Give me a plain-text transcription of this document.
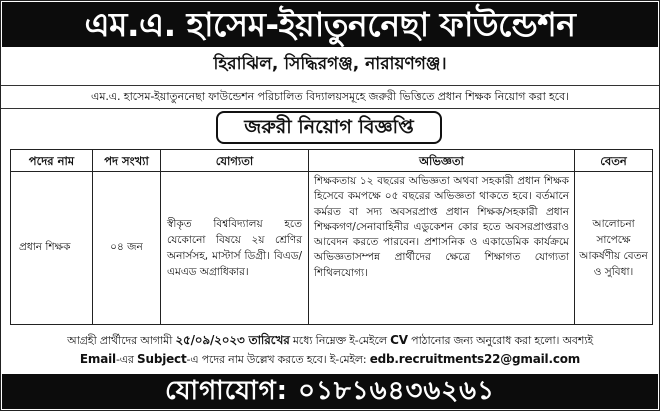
এম.এ. হাসেম-ইয়াতুননেছা ফাউন্ডেশন
হিরাঝিল, সিদ্ধিরগঞ্জ, নারায়ণগঞ্জ।
এম.এ. হাসেম-ইয়াতুননেছা ফাউন্ডেশন পরিচালিত বিদ্যালয়সমূহে জরুরী ভিত্তিতে প্রধান শিক্ষক নিয়োগ করা হবে।
জরুরী নিয়োগ বিজ্ঞপ্তি
পদের নাম	পদ সংখ্যা	যোগ্যতা	অভিজ্ঞতা	বেতন
প্রধান শিক্ষক	০৪ জন	স্বীকৃত বিশ্ববিদ্যালয় হতে যেকোনো বিষয়ে ২য় শ্রেণির অনার্সসহ, মাস্টার্স ডিগ্রী। বিএড/এমএড অগ্রাধিকার।	শিক্ষকতায় ১২ বছরের অভিজ্ঞতা অথবা সহকারী প্রধান শিক্ষক হিসেবে কমপক্ষে ০৫ বছরের অভিজ্ঞতা থাকতে হবে। বর্তমানে কর্মরত বা সদ্য অবসরপ্রাপ্ত প্রধান শিক্ষক/সহকারী প্রধান শিক্ষকগণ/সেনাবাহিনীর এডুকেশন কোর হতে অবসরপ্রাপ্তরাও আবেদন করতে পারবেন। প্রশাসনিক ও একাডেমিক কার্যক্রমে অভিজ্ঞতাসম্পন্ন প্রার্থীদের ক্ষেত্রে শিক্ষাগত যোগ্যতা শিথিলযোগ্য।	আলোচনা সাপেক্ষে আকর্ষণীয় বেতন ও সুবিধা।
আগ্রহী প্রার্থীদের আগামী ২৫/০৯/২০২৩ তারিখের মধ্যে নিম্নেক্ত ই-মেইলে CV পাঠানোর জন্য অনুরোধ করা হলো। অবশ্যই
Email-এর Subject-এ পদের নাম উল্লেখ করতে হবে। ই-মেইল: edb.recruitments22@gmail.com
যোগাযোগ: ০১৮১৬৪৩৬২৬১
